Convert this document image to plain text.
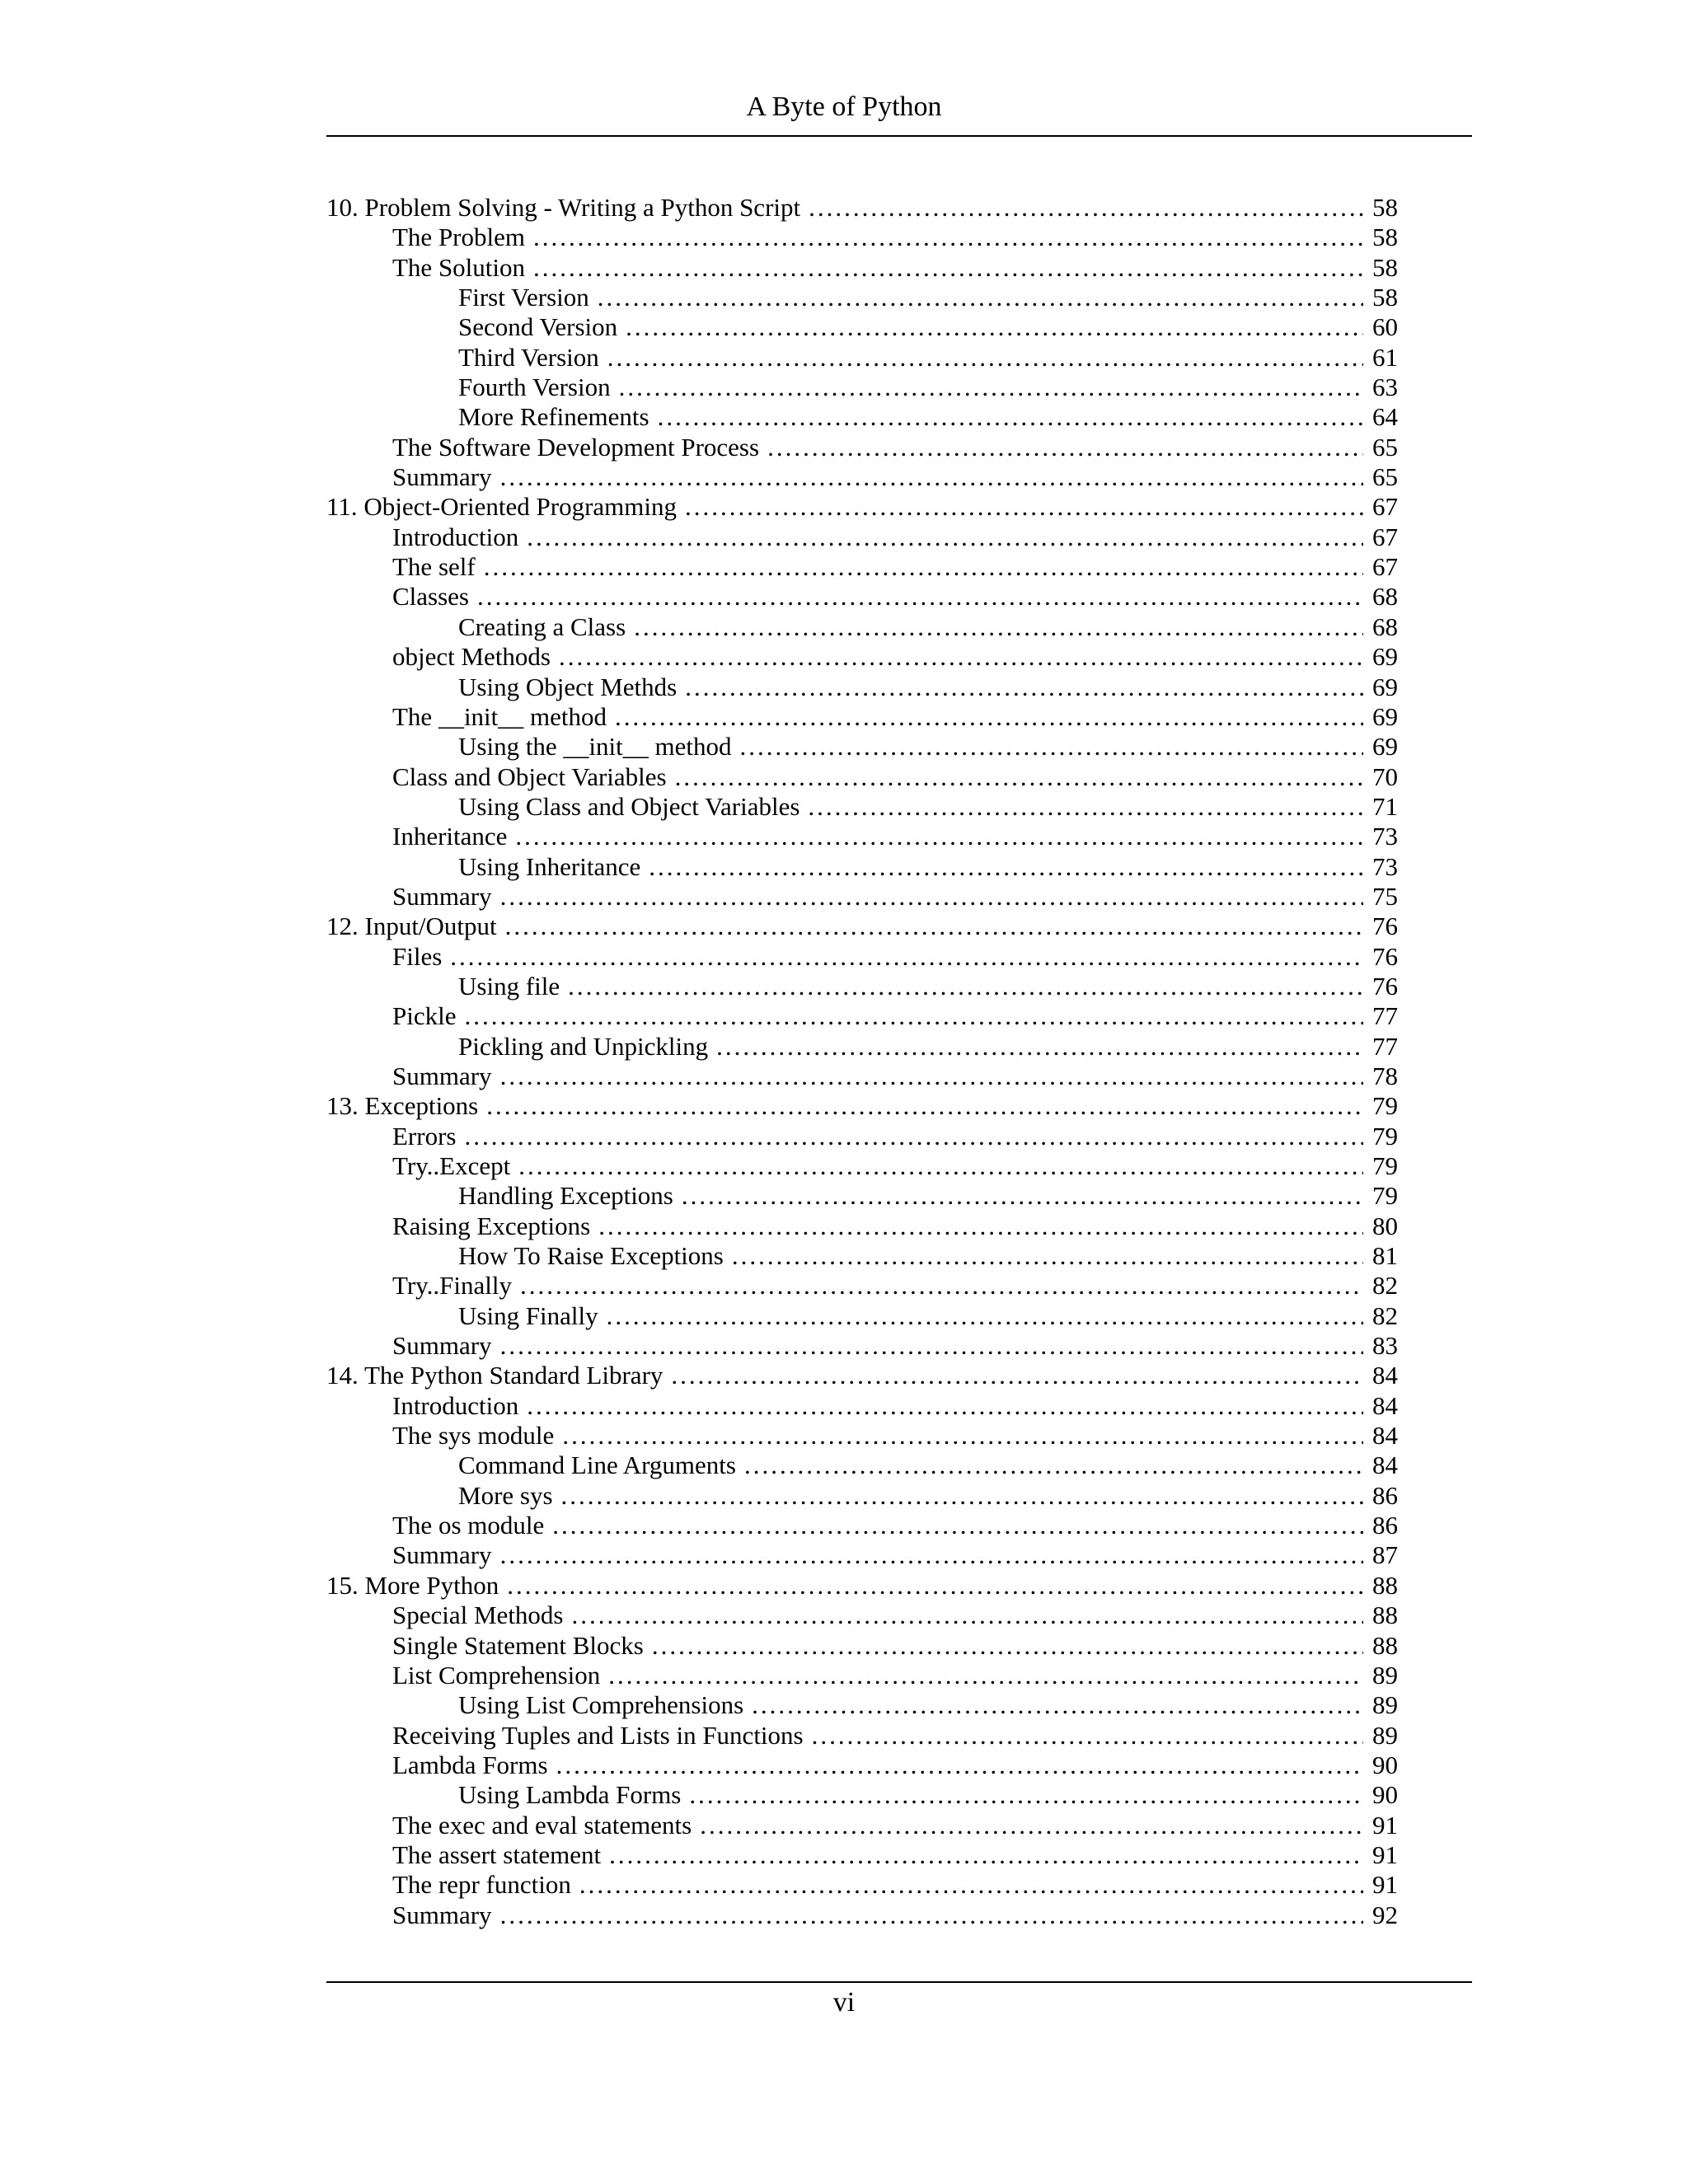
A Byte of Python
10. Problem Solving - Writing a Python Script .....	58
The Problem .....	58
The Solution .....	58
First Version .....	58
Second Version .....	60
Third Version .....	61
Fourth Version .....	63
More Refinements .....	64
The Software Development Process .....	65
Summary .....	65
11. Object-Oriented Programming .....	67
Introduction .....	67
The self .....	67
Classes .....	68
Creating a Class .....	68
object Methods .....	69
Using Object Methds .....	69
The __init__ method .....	69
Using the __init__ method .....	69
Class and Object Variables .....	70
Using Class and Object Variables .....	71
Inheritance .....	73
Using Inheritance .....	73
Summary .....	75
12. Input/Output .....	76
Files .....	76
Using file .....	76
Pickle .....	77
Pickling and Unpickling .....	77
Summary .....	78
13. Exceptions .....	79
Errors .....	79
Try..Except .....	79
Handling Exceptions .....	79
Raising Exceptions .....	80
How To Raise Exceptions .....	81
Try..Finally .....	82
Using Finally .....	82
Summary .....	83
14. The Python Standard Library .....	84
Introduction .....	84
The sys module .....	84
Command Line Arguments .....	84
More sys .....	86
The os module .....	86
Summary .....	87
15. More Python .....	88
Special Methods .....	88
Single Statement Blocks .....	88
List Comprehension .....	89
Using List Comprehensions .....	89
Receiving Tuples and Lists in Functions .....	89
Lambda Forms .....	90
Using Lambda Forms .....	90
The exec and eval statements .....	91
The assert statement .....	91
The repr function .....	91
Summary .....	92
vi
